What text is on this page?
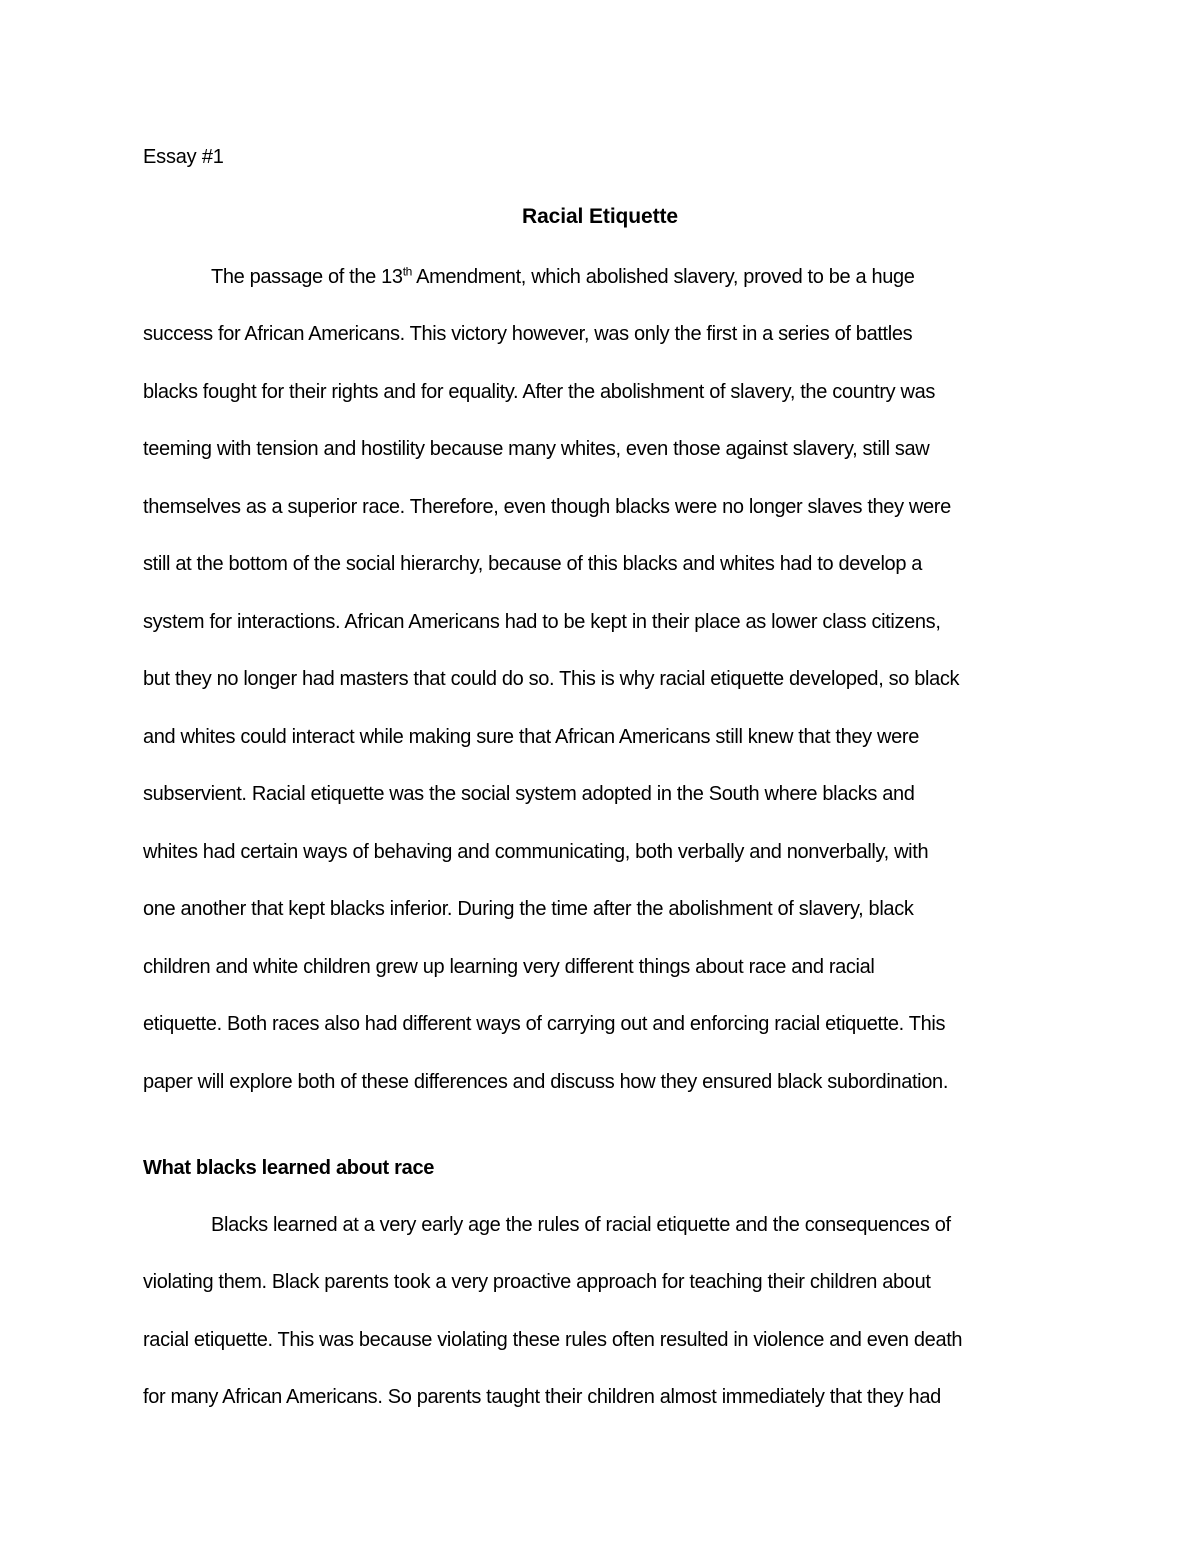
Essay #1
Racial Etiquette
The passage of the 13th Amendment, which abolished slavery, proved to be a huge
success for African Americans. This victory however, was only the first in a series of battles
blacks fought for their rights and for equality. After the abolishment of slavery, the country was
teeming with tension and hostility because many whites, even those against slavery, still saw
themselves as a superior race. Therefore, even though blacks were no longer slaves they were
still at the bottom of the social hierarchy, because of this blacks and whites had to develop a
system for interactions. African Americans had to be kept in their place as lower class citizens,
but they no longer had masters that could do so. This is why racial etiquette developed, so black
and whites could interact while making sure that African Americans still knew that they were
subservient. Racial etiquette was the social system adopted in the South where blacks and
whites had certain ways of behaving and communicating, both verbally and nonverbally, with
one another that kept blacks inferior. During the time after the abolishment of slavery, black
children and white children grew up learning very different things about race and racial
etiquette. Both races also had different ways of carrying out and enforcing racial etiquette. This
paper will explore both of these differences and discuss how they ensured black subordination.
What blacks learned about race
Blacks learned at a very early age the rules of racial etiquette and the consequences of
violating them. Black parents took a very proactive approach for teaching their children about
racial etiquette. This was because violating these rules often resulted in violence and even death
for many African Americans. So parents taught their children almost immediately that they had
